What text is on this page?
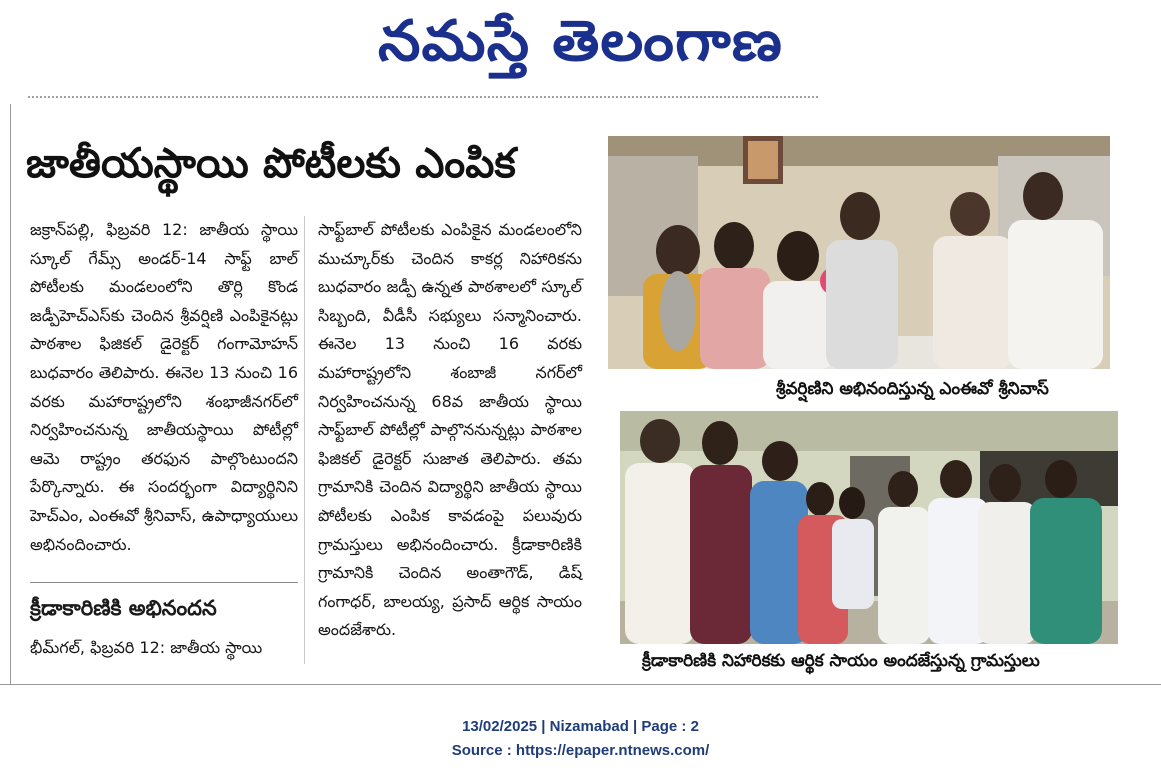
నమస్తే తెలంగాణ
జాతీయస్థాయి పోటీలకు ఎంపిక

జక్రాన్‌పల్లి, ఫిబ్రవరి 12: జాతీయ స్థాయి స్కూల్ గేమ్స్ అండర్-14 సాఫ్ట్ బాల్ పోటీలకు మండలంలోని తొర్లి కొండ జడ్పీహెచ్ఎస్‌కు చెందిన శ్రీవర్షిణి ఎంపికైనట్లు పాఠశాల ఫిజికల్ డైరెక్టర్ గంగామోహన్ బుధవారం తెలిపారు. ఈనెల 13 నుంచి 16 వరకు మహారాష్ట్రలోని శంభాజీనగర్‌లో నిర్వహించనున్న జాతీయస్థాయి పోటీల్లో ఆమె రాష్ట్రం తరఫున పాల్గొంటుందని పేర్కొన్నారు. ఈ సందర్భంగా విద్యార్థినిని హెచ్ఎం, ఎంఈవో శ్రీనివాస్, ఉపాధ్యాయులు అభినందించారు.

క్రీడాకారిణికి అభినందన

భీమ్‌గల్, ఫిబ్రవరి 12: జాతీయ స్థాయి

సాఫ్ట్‌బాల్ పోటీలకు ఎంపికైన మండలంలోని ముచ్కూర్‌కు చెందిన కాకర్ల నిహారికను బుధవారం జడ్పీ ఉన్నత పాఠశాలలో స్కూల్ సిబ్బంది, వీడీసీ సభ్యులు సన్మానించారు. ఈనెల 13 నుంచి 16 వరకు మహారాష్ట్రలోని శంబాజీ నగర్‌లో నిర్వహించనున్న 68వ జాతీయ స్థాయి సాఫ్ట్‌బాల్ పోటీల్లో పాల్గొననున్నట్లు పాఠశాల ఫిజికల్ డైరెక్టర్ సుజాత తెలిపారు. తమ గ్రామానికి చెందిన విద్యార్థిని జాతీయ స్థాయి పోటీలకు ఎంపిక కావడంపై పలువురు గ్రామస్తులు అభినందించారు. క్రీడాకారిణికి గ్రామానికి చెందిన అంతాగౌడ్, డిష్ గంగాధర్, బాలయ్య, ప్రసాద్ ఆర్థిక సాయం అందజేశారు.

శ్రీవర్షిణిని అభినందిస్తున్న ఎంఈవో శ్రీనివాస్
క్రీడాకారిణికి నిహారికకు ఆర్థిక సాయం అందజేస్తున్న గ్రామస్తులు
13/02/2025 | Nizamabad | Page : 2
Source : https://epaper.ntnews.com/
